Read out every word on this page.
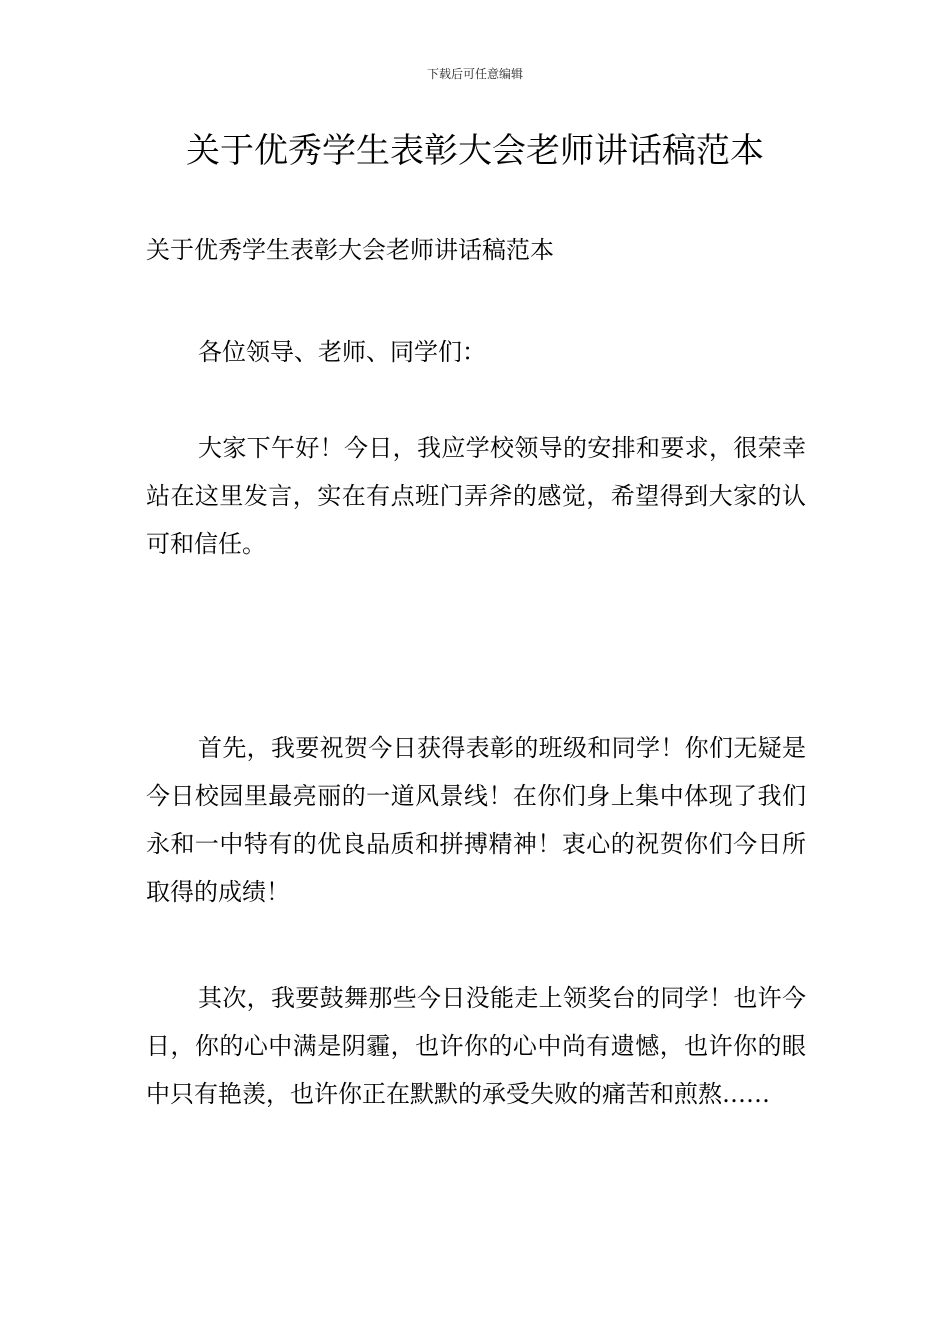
下载后可任意编辑
关于优秀学生表彰大会老师讲话稿范本

关于优秀学生表彰大会老师讲话稿范本

各位领导、老师、同学们：

大家下午好！今日，我应学校领导的安排和要求，很荣幸站在这里发言，实在有点班门弄斧的感觉，希望得到大家的认可和信任。

首先，我要祝贺今日获得表彰的班级和同学！你们无疑是今日校园里最亮丽的一道风景线！在你们身上集中体现了我们永和一中特有的优良品质和拼搏精神！衷心的祝贺你们今日所取得的成绩！

其次，我要鼓舞那些今日没能走上领奖台的同学！也许今日，你的心中满是阴霾，也许你的心中尚有遗憾，也许你的眼中只有艳羡，也许你正在默默的承受失败的痛苦和煎熬……
